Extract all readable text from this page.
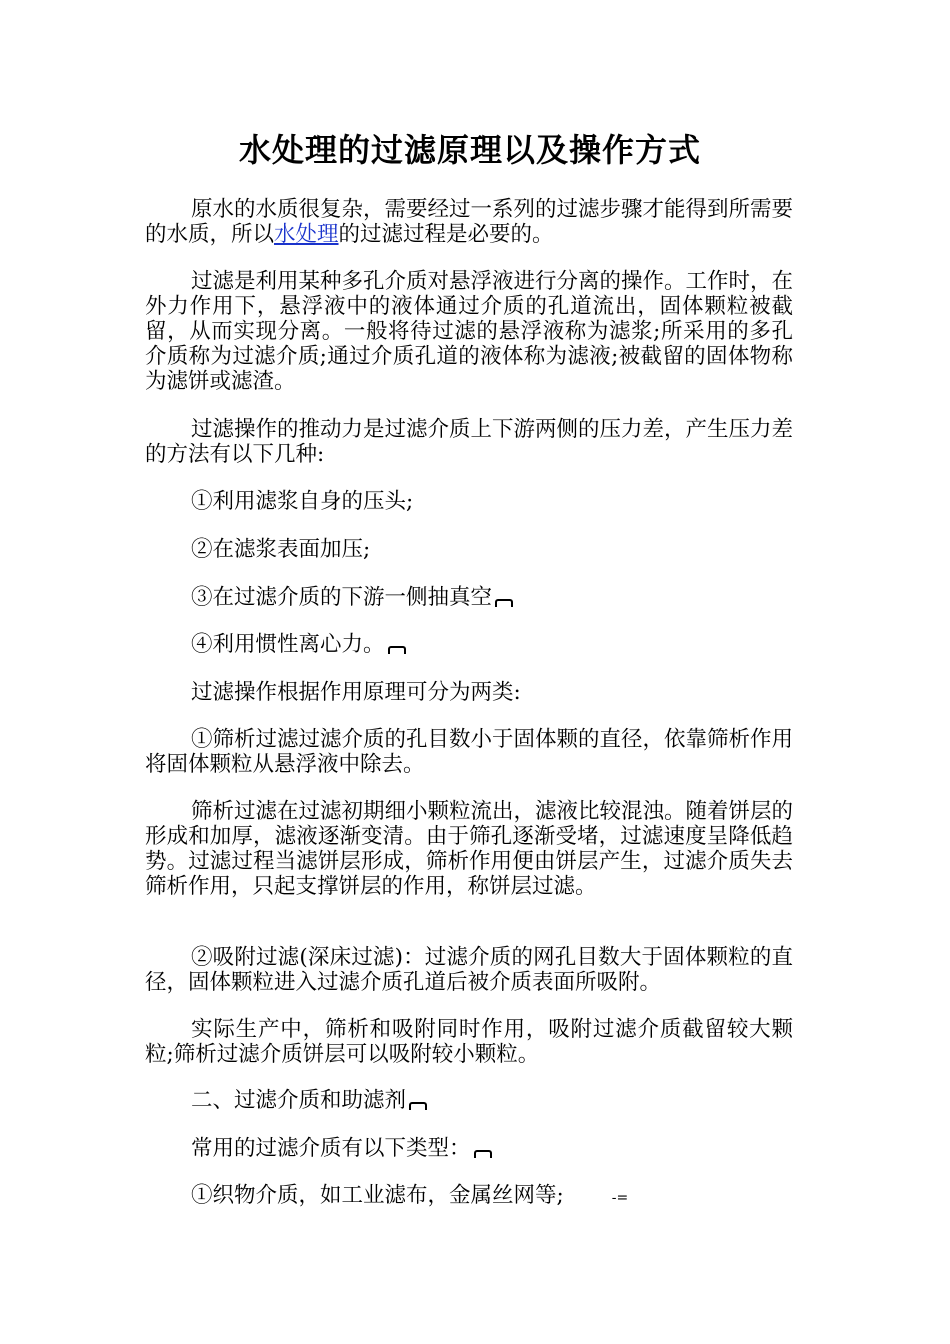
水处理的过滤原理以及操作方式

原水的水质很复杂，需要经过一系列的过滤步骤才能得到所需要的水质，所以水处理的过滤过程是必要的。

过滤是利用某种多孔介质对悬浮液进行分离的操作。工作时，在外力作用下，悬浮液中的液体通过介质的孔道流出，固体颗粒被截留，从而实现分离。一般将待过滤的悬浮液称为滤浆;所采用的多孔介质称为过滤介质;通过介质孔道的液体称为滤液;被截留的固体物称为滤饼或滤渣。

过滤操作的推动力是过滤介质上下游两侧的压力差，产生压力差的方法有以下几种:

①利用滤浆自身的压头;

②在滤浆表面加压;

③在过滤介质的下游一侧抽真空

④利用惯性离心力。

过滤操作根据作用原理可分为两类:

①筛析过滤过滤介质的孔目数小于固体颗的直径，依靠筛析作用将固体颗粒从悬浮液中除去。

筛析过滤在过滤初期细小颗粒流出，滤液比较混浊。随着饼层的形成和加厚，滤液逐渐变清。由于筛孔逐渐受堵，过滤速度呈降低趋势。过滤过程当滤饼层形成，筛析作用便由饼层产生，过滤介质失去筛析作用，只起支撑饼层的作用，称饼层过滤。

②吸附过滤(深床过滤)：过滤介质的网孔目数大于固体颗粒的直径，固体颗粒进入过滤介质孔道后被介质表面所吸附。

实际生产中，筛析和吸附同时作用，吸附过滤介质截留较大颗粒;筛析过滤介质饼层可以吸附较小颗粒。

二、过滤介质和助滤剂

常用的过滤介质有以下类型：

①织物介质，如工业滤布，金属丝网等;	-=
